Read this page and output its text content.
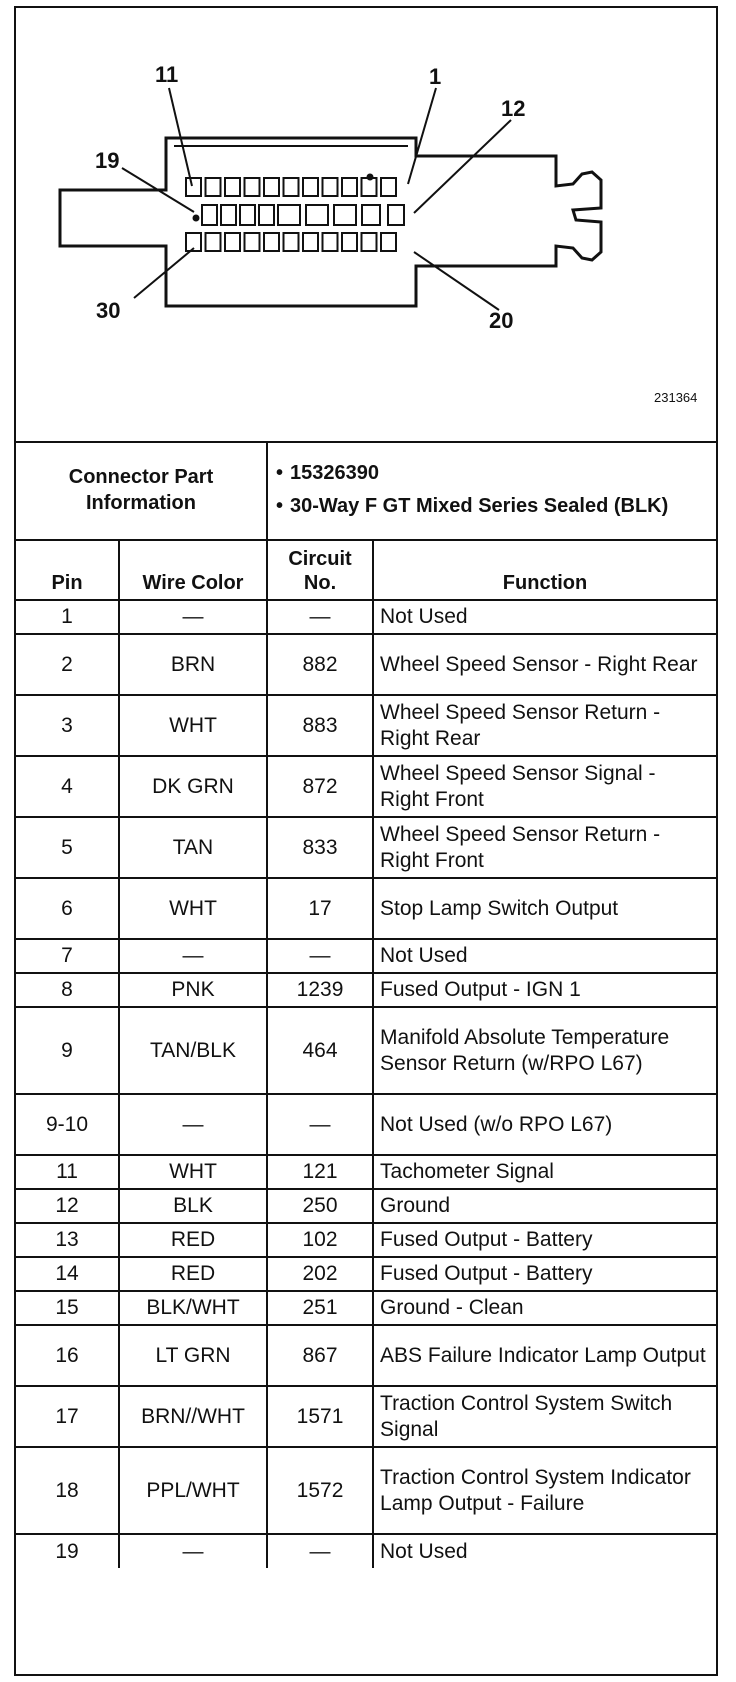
11	1
12
19
30	20
231364
Connector Part Information		• 15326390
• 30-Way F GT Mixed Series Sealed (BLK)	

Pin	Wire Color	Circuit No.	Function
1	—	—	Not Used
2	BRN	882	Wheel Speed Sensor - Right Rear
3	WHT	883	Wheel Speed Sensor Return - Right Rear
4	DK GRN	872	Wheel Speed Sensor Signal - Right Front
5	TAN	833	Wheel Speed Sensor Return - Right Front
6	WHT	17	Stop Lamp Switch Output
7	—	—	Not Used
8	PNK	1239	Fused Output - IGN 1
9	TAN/BLK	464	Manifold Absolute Temperature Sensor Return (w/RPO L67)
9-10	—	—	Not Used (w/o RPO L67)
11	WHT	121	Tachometer Signal
12	BLK	250	Ground
13	RED	102	Fused Output - Battery
14	RED	202	Fused Output - Battery
15	BLK/WHT	251	Ground - Clean
16	LT GRN	867	ABS Failure Indicator Lamp Output
17	BRN//WHT	1571	Traction Control System Switch Signal
18	PPL/WHT	1572	Traction Control System Indicator Lamp Output - Failure
19	—	—	Not Used
